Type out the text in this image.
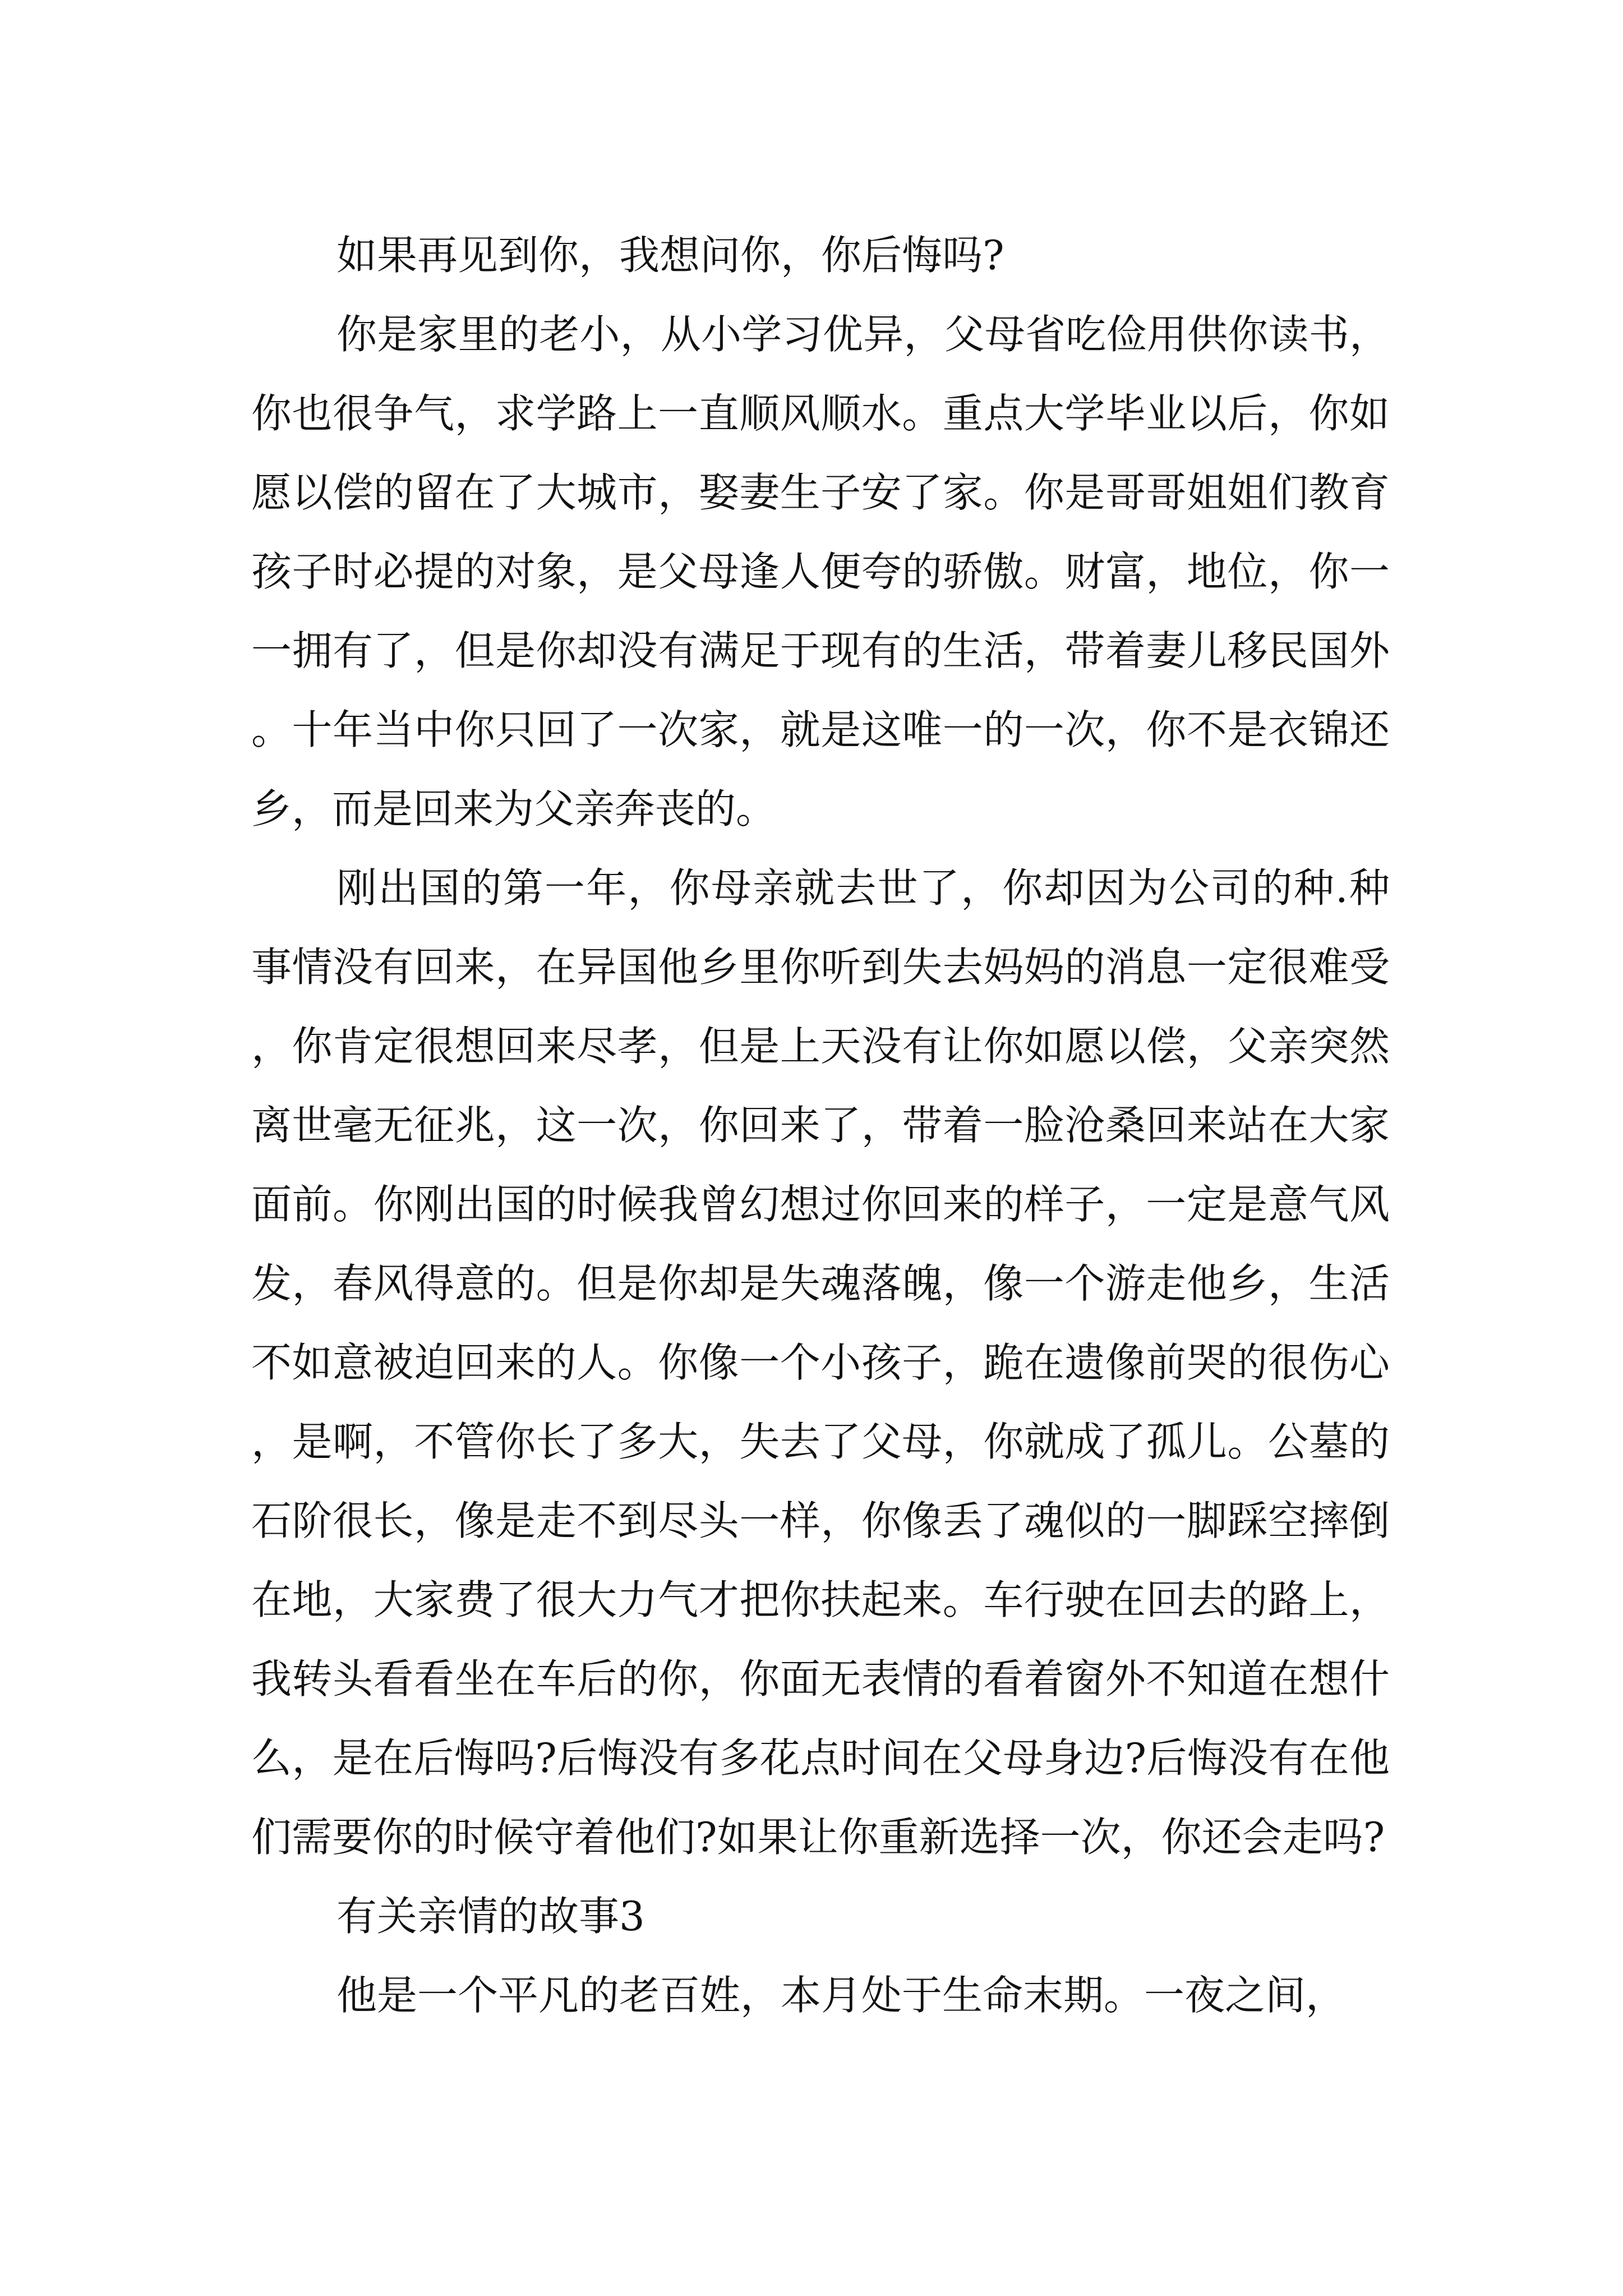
如果再见到你，我想问你，你后悔吗?

你是家里的老小，从小学习优异，父母省吃俭用供你读书，你也很争气，求学路上一直顺风顺水。重点大学毕业以后，你如愿以偿的留在了大城市，娶妻生子安了家。你是哥哥姐姐们教育孩子时必提的对象，是父母逢人便夸的骄傲。财富，地位，你一一拥有了，但是你却没有满足于现有的生活，带着妻儿移民国外。十年当中你只回了一次家，就是这唯一的一次，你不是衣锦还乡，而是回来为父亲奔丧的。

刚出国的第一年，你母亲就去世了，你却因为公司的种.种事情没有回来，在异国他乡里你听到失去妈妈的消息一定很难受，你肯定很想回来尽孝，但是上天没有让你如愿以偿，父亲突然离世毫无征兆，这一次，你回来了，带着一脸沧桑回来站在大家面前。你刚出国的时候我曾幻想过你回来的样子，一定是意气风发，春风得意的。但是你却是失魂落魄，像一个游走他乡，生活不如意被迫回来的人。你像一个小孩子，跪在遗像前哭的很伤心，是啊，不管你长了多大，失去了父母，你就成了孤儿。公墓的石阶很长，像是走不到尽头一样，你像丢了魂似的一脚踩空摔倒在地，大家费了很大力气才把你扶起来。车行驶在回去的路上，我转头看看坐在车后的你，你面无表情的看着窗外不知道在想什么，是在后悔吗?后悔没有多花点时间在父母身边?后悔没有在他们需要你的时候守着他们?如果让你重新选择一次，你还会走吗?

有关亲情的故事3

他是一个平凡的老百姓，本月处于生命末期。一夜之间，
